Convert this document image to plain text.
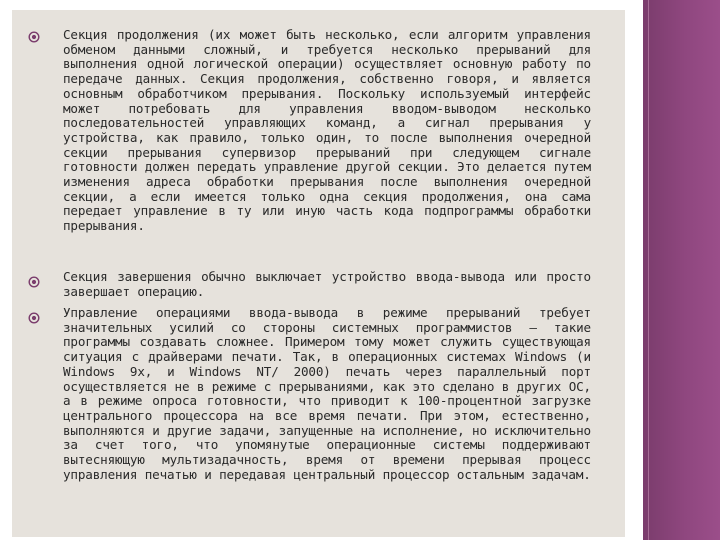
Секция продолжения (их может быть несколько, если алгоритм управления обменом данными сложный, и требуется несколько прерываний для выполнения одной логической операции) осуществляет основную работу по передаче данных. Секция продолжения, собственно говоря, и является основным обработчиком прерывания. Поскольку используемый интерфейс может потребовать для управления вводом-выводом несколько последовательностей управляющих команд, а сигнал прерывания у устройства, как правило, только один, то после выполнения очередной секции прерывания супервизор прерываний при следующем сигнале готовности должен передать управление другой секции. Это делается путем изменения адреса обработки прерывания после выполнения очередной секции, а если имеется только одна секция продолжения, она сама передает управление в ту или иную часть кода подпрограммы обработки прерывания.

Секция завершения обычно выключает устройство ввода-вывода или просто завершает операцию.

Управление операциями ввода-вывода в режиме прерываний требует значительных усилий со стороны системных программистов — такие программы создавать сложнее. Примером тому может служить существующая ситуация с драйверами печати. Так, в операционных системах Windows (и Windows 9x, и Windows NT/ 2000) печать через параллельный порт осуществляется не в режиме с прерываниями, как это сделано в других ОС, а в режиме опроса готовности, что приводит к 100-процентной загрузке центрального процессора на все время печати. При этом, естественно, выполняются и другие задачи, запущенные на исполнение, но исключительно за счет того, что упомянутые операционные системы поддерживают вытесняющую мультизадачность, время от времени прерывая процесс управления печатью и передавая центральный процессор остальным задачам.
